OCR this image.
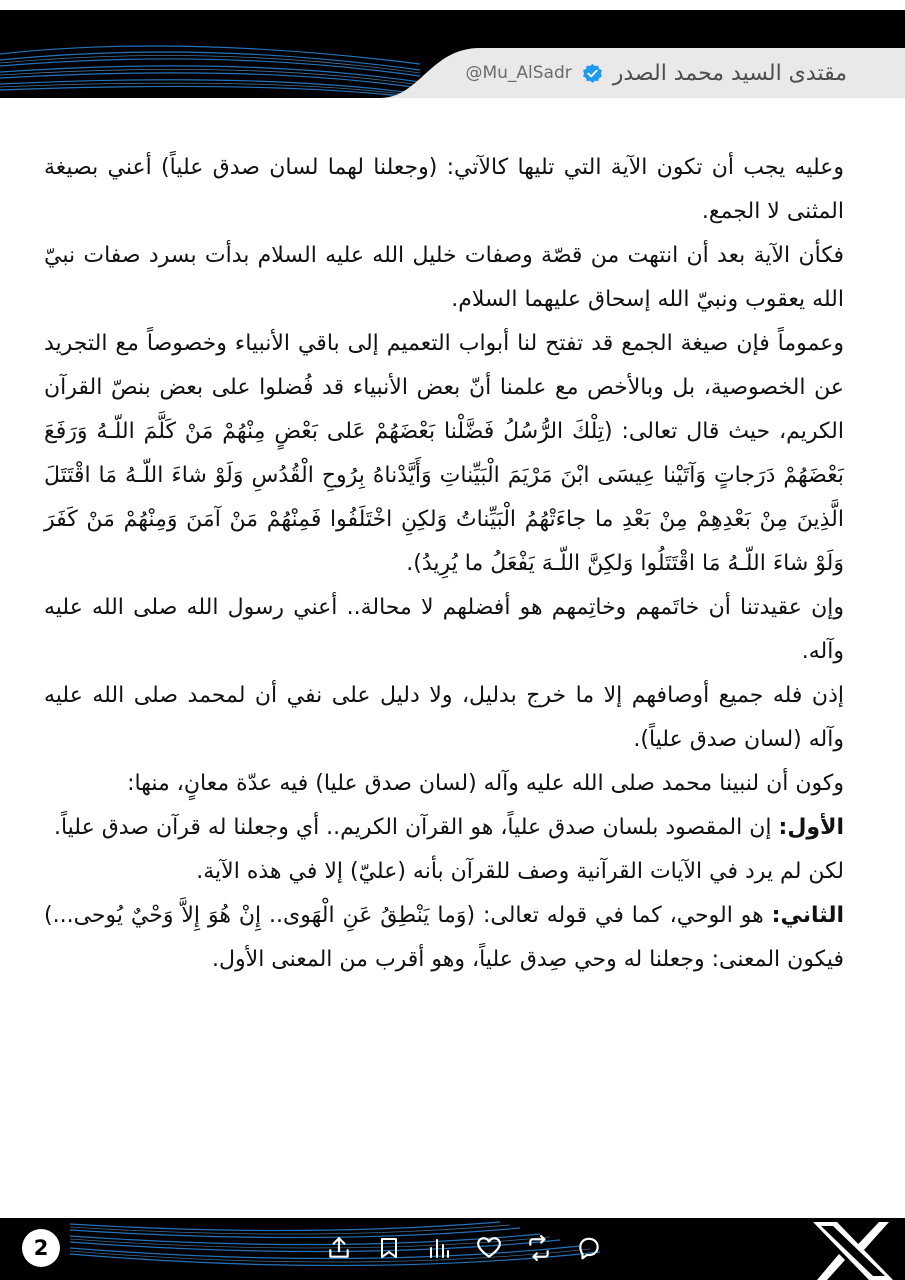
@Mu_AlSadr مقتدى السيد محمد الصدر

وعليه يجب أن تكون الآية التي تليها كالآتي: (وجعلنا لهما لسان صدق علياً) أعني بصيغة المثنى لا الجمع.

فكأن الآية بعد أن انتهت من قصّة وصفات خليل الله عليه السلام بدأت بسرد صفات نبيّ الله يعقوب ونبيّ الله إسحاق عليهما السلام.

وعموماً فإن صيغة الجمع قد تفتح لنا أبواب التعميم إلى باقي الأنبياء وخصوصاً مع التجريد عن الخصوصية، بل وبالأخص مع علمنا أنّ بعض الأنبياء قد فُضلوا على بعض بنصّ القرآن الكريم، حيث قال تعالى: (تِلْكَ الرُّسُلُ فَضَّلْنا بَعْضَهُمْ عَلى بَعْضٍ مِنْهُمْ مَنْ كَلَّمَ اللّـهُ وَرَفَعَ بَعْضَهُمْ دَرَجاتٍ وَآتَيْنا عِيسَى ابْنَ مَرْيَمَ الْبَيِّناتِ وَأَيَّدْناهُ بِرُوحِ الْقُدُسِ وَلَوْ شاءَ اللّـهُ مَا اقْتَتَلَ الَّذِينَ مِنْ بَعْدِهِمْ مِنْ بَعْدِ ما جاءَتْهُمُ الْبَيِّناتُ وَلكِنِ اخْتَلَفُوا فَمِنْهُمْ مَنْ آمَنَ وَمِنْهُمْ مَنْ كَفَرَ وَلَوْ شاءَ اللّـهُ مَا اقْتَتَلُوا وَلكِنَّ اللّـهَ يَفْعَلُ ما يُرِيدُ).

وإن عقيدتنا أن خاتَمهم وخاتِمهم هو أفضلهم لا محالة.. أعني رسول الله صلى الله عليه وآله.

إذن فله جميع أوصافهم إلا ما خرج بدليل، ولا دليل على نفي أن لمحمد صلى الله عليه وآله (لسان صدق علياً).

وكون أن لنبينا محمد صلى الله عليه وآله (لسان صدق عليا) فيه عدّة معانٍ، منها:

الأول: إن المقصود بلسان صدق علياً، هو القرآن الكريم.. أي وجعلنا له قرآن صدق علياً.

لكن لم يرد في الآيات القرآنية وصف للقرآن بأنه (عليّ) إلا في هذه الآية.

الثاني: هو الوحي، كما في قوله تعالى: (وَما يَنْطِقُ عَنِ الْهَوى.. إِنْ هُوَ إِلاَّ وَحْيٌ يُوحى...) فيكون المعنى: وجعلنا له وحي صِدق علياً، وهو أقرب من المعنى الأول.

2
